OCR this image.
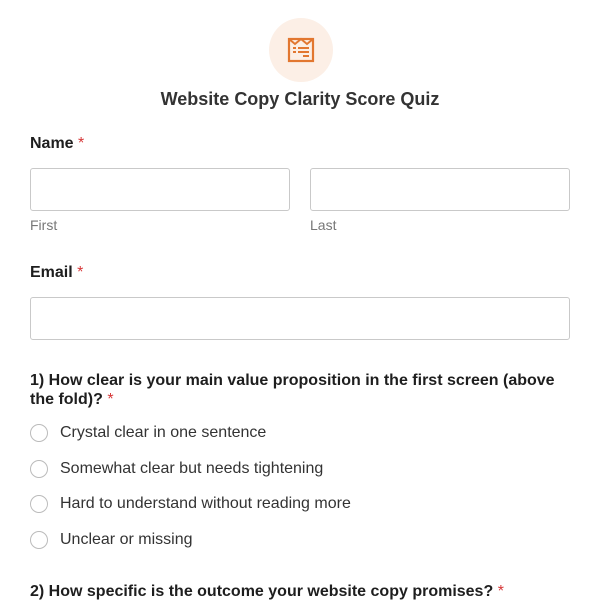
Website Copy Clarity Score Quiz
Name *
First	Last
Email *
1) How clear is your main value proposition in the first screen (above the fold)? *
Crystal clear in one sentence
Somewhat clear but needs tightening
Hard to understand without reading more
Unclear or missing
2) How specific is the outcome your website copy promises? *
